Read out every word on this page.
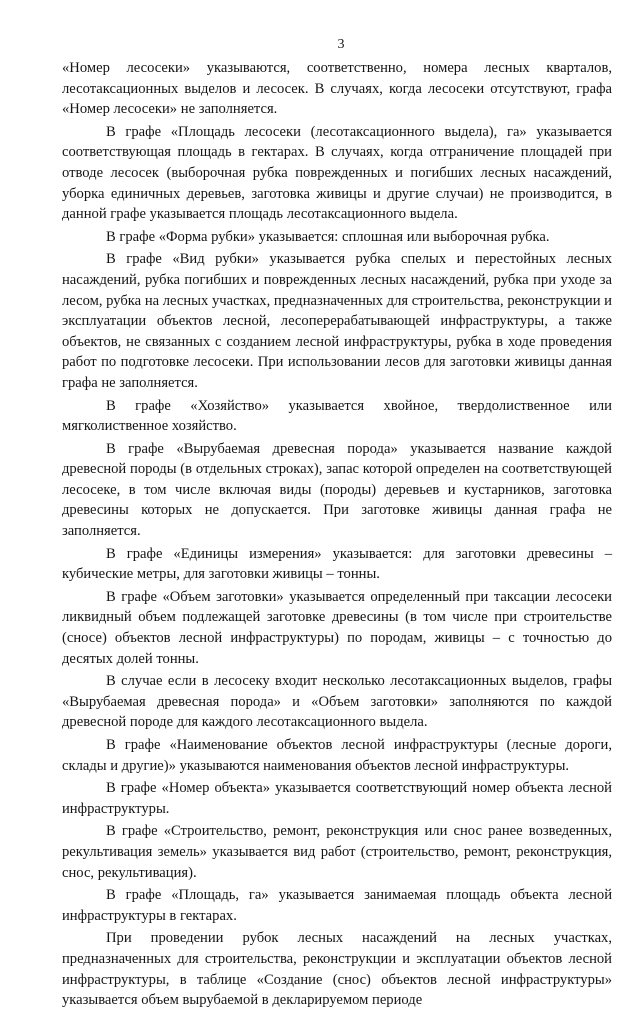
3

«Номер лесосеки» указываются, соответственно, номера лесных кварталов, лесотаксационных выделов и лесосек. В случаях, когда лесосеки отсутствуют, графа «Номер лесосеки» не заполняется.

В графе «Площадь лесосеки (лесотаксационного выдела), га» указывается соответствующая площадь в гектарах. В случаях, когда отграничение площадей при отводе лесосек (выборочная рубка поврежденных и погибших лесных насаждений, уборка единичных деревьев, заготовка живицы и другие случаи) не производится, в данной графе указывается площадь лесотаксационного выдела.

В графе «Форма рубки» указывается: сплошная или выборочная рубка.

В графе «Вид рубки» указывается рубка спелых и перестойных лесных насаждений, рубка погибших и поврежденных лесных насаждений, рубка при уходе за лесом, рубка на лесных участках, предназначенных для строительства, реконструкции и эксплуатации объектов лесной, лесоперерабатывающей инфраструктуры, а также объектов, не связанных с созданием лесной инфраструктуры, рубка в ходе проведения работ по подготовке лесосеки. При использовании лесов для заготовки живицы данная графа не заполняется.

В графе «Хозяйство» указывается хвойное, твердолиственное или мягколиственное хозяйство.

В графе «Вырубаемая древесная порода» указывается название каждой древесной породы (в отдельных строках), запас которой определен на соответствующей лесосеке, в том числе включая виды (породы) деревьев и кустарников, заготовка древесины которых не допускается. При заготовке живицы данная графа не заполняется.

В графе «Единицы измерения» указывается: для заготовки древесины – кубические метры, для заготовки живицы – тонны.

В графе «Объем заготовки» указывается определенный при таксации лесосеки ликвидный объем подлежащей заготовке древесины (в том числе при строительстве (сносе) объектов лесной инфраструктуры) по породам, живицы – с точностью до десятых долей тонны.

В случае если в лесосеку входит несколько лесотаксационных выделов, графы «Вырубаемая древесная порода» и «Объем заготовки» заполняются по каждой древесной породе для каждого лесотаксационного выдела.

В графе «Наименование объектов лесной инфраструктуры (лесные дороги, склады и другие)» указываются наименования объектов лесной инфраструктуры.

В графе «Номер объекта» указывается соответствующий номер объекта лесной инфраструктуры.

В графе «Строительство, ремонт, реконструкция или снос ранее возведенных, рекультивация земель» указывается вид работ (строительство, ремонт, реконструкция, снос, рекультивация).

В графе «Площадь, га» указывается занимаемая площадь объекта лесной инфраструктуры в гектарах.

При проведении рубок лесных насаждений на лесных участках, предназначенных для строительства, реконструкции и эксплуатации объектов лесной инфраструктуры, в таблице «Создание (снос) объектов лесной инфраструктуры» указывается объем вырубаемой в декларируемом периоде
